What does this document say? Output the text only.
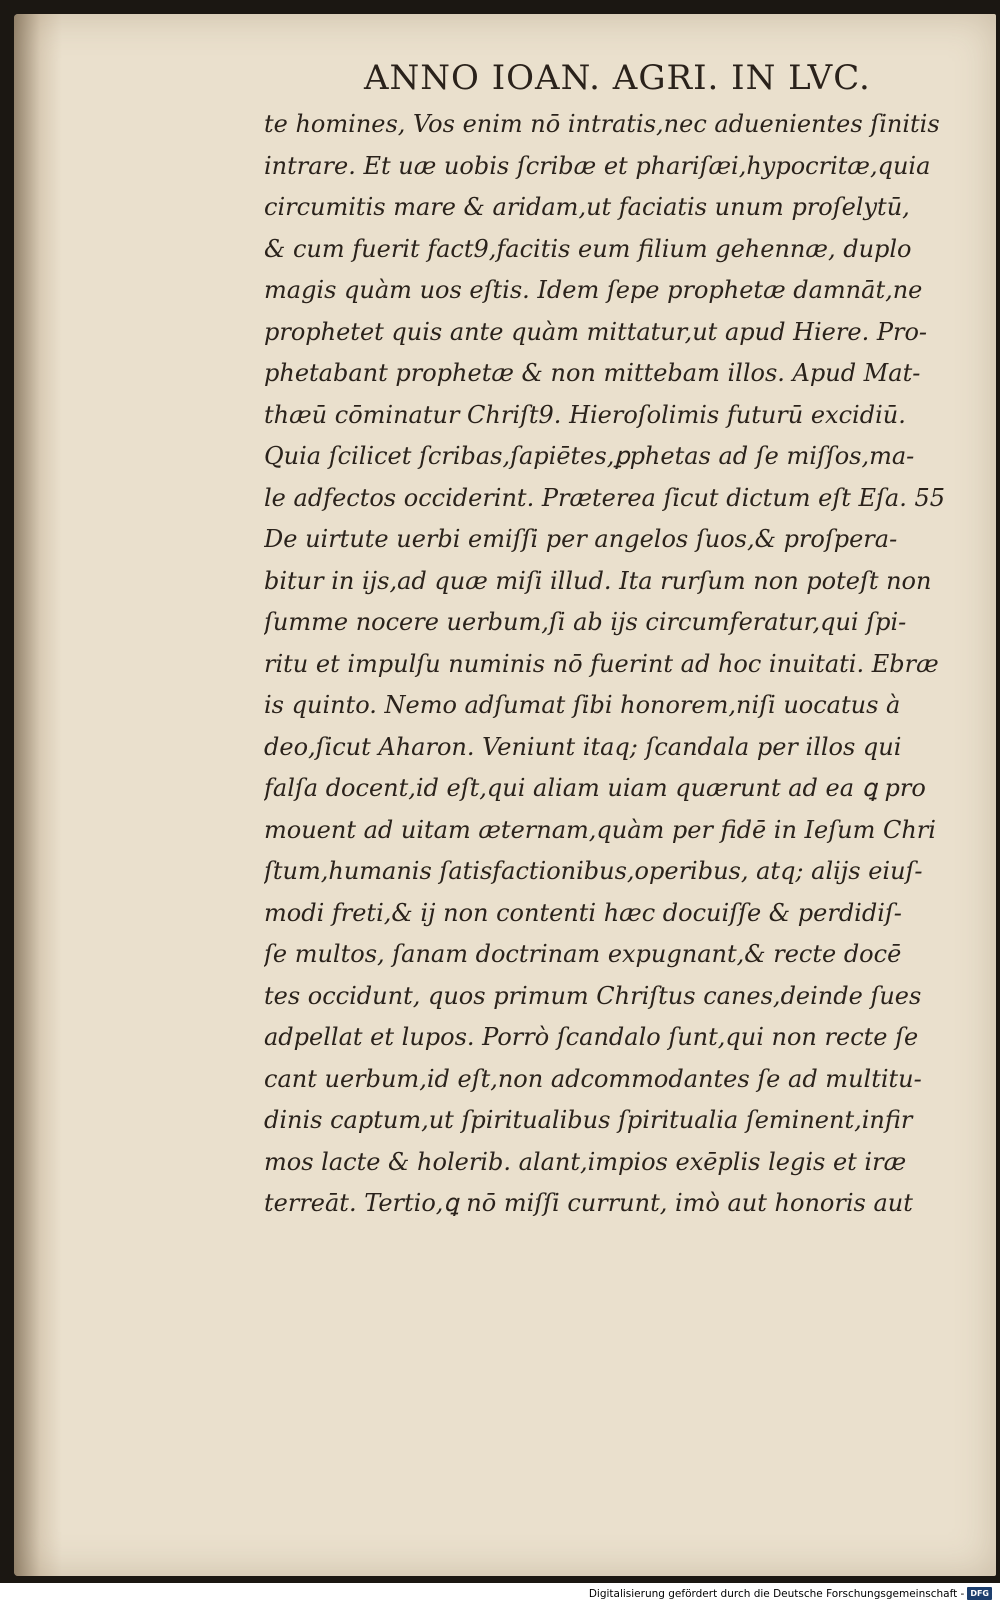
ANNO IOAN. AGRI. IN LVC.
te homines, Vos enim nō intratis,nec aduenientes ſinitis
intrare. Et uæ uobis ſcribæ et phariſæi,hypocritæ,quia
circumitis mare & aridam,ut faciatis unum proſelytū,
& cum fuerit fact9,facitis eum filium gehennæ, duplo
magis quàm uos eſtis. Idem ſepe prophetæ damnāt,ne
prophetet quis ante quàm mittatur,ut apud Hiere. Pro-
phetabant prophetæ & non mittebam illos. Apud Mat-
thæū cōminatur Chriſt9. Hieroſolimis futurū excidiū.
Quia ſcilicet ſcribas,ſapiētes,ꝑphetas ad ſe miſſos,ma-
le adfectos occiderint. Præterea ſicut dictum eſt Eſa. 55
De uirtute uerbi emiſſi per angelos ſuos,& proſpera-
bitur in ijs,ad quæ miſi illud. Ita rurſum non poteſt non
ſumme nocere uerbum,ſi ab ijs circumferatur,qui ſpi-
ritu et impulſu numinis nō fuerint ad hoc inuitati. Ebræ
is quinto. Nemo adſumat ſibi honorem,niſi uocatus à
deo,ſicut Aharon. Veniunt itaq; ſcandala per illos qui
falſa docent,id eſt,qui aliam uiam quærunt ad ea ꝗ pro
mouent ad uitam æternam,quàm per fidē in Ieſum Chri
ſtum,humanis ſatisfactionibus,operibus, atq; alijs eiuſ-
modi freti,& ij non contenti hæc docuiſſe & perdidiſ-
ſe multos, ſanam doctrinam expugnant,& recte docē
tes occidunt, quos primum Chriſtus canes,deinde ſues
adpellat et lupos. Porrò ſcandalo ſunt,qui non recte ſe
cant uerbum,id eſt,non adcommodantes ſe ad multitu-
dinis captum,ut ſpiritualibus ſpiritualia ſeminent,infir
mos lacte & holerib. alant,impios exēplis legis et iræ
terreāt. Tertio,ꝗ nō miſſi currunt, imò aut honoris aut
Digitalisierung gefördert durch die Deutsche Forschungsgemeinschaft - DFG
